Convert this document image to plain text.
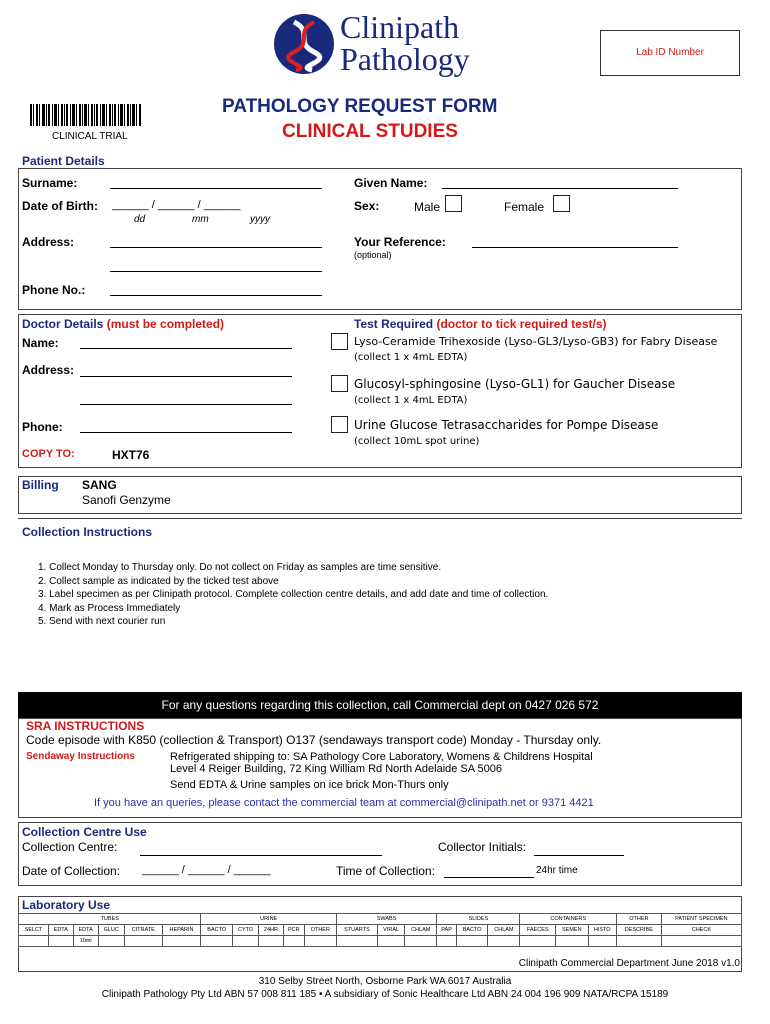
Clinipath
Pathology	Lab ID Number
CLINICAL TRIAL
PATHOLOGY REQUEST FORM
CLINICAL STUDIES
Patient Details
Surname:	Given Name:
Date of Birth: ______ / ______ / ______
dd	mm	yyyy
Sex:	Male	Female
Address:	Your Reference:
(optional)
Phone No.:
Doctor Details (must be completed)
Name:
Address:
Phone:
COPY TO:	HXT76
Test Required (doctor to tick required test/s)
Lyso-Ceramide Trihexoside (Lyso-GL3/Lyso-GB3) for Fabry Disease
(collect 1 x 4mL EDTA)
Glucosyl-sphingosine (Lyso-GL1) for Gaucher Disease
(collect 1 x 4mL EDTA)
Urine Glucose Tetrasaccharides for Pompe Disease
(collect 10mL spot urine)
Billing SANG
Sanofi Genzyme
Collection Instructions
1. Collect Monday to Thursday only. Do not collect on Friday as samples are time sensitive.
2. Collect sample as indicated by the ticked test above
3. Label specimen as per Clinipath protocol. Complete collection centre details, and add date and time of collection.
4. Mark as Process Immediately
5. Send with next courier run
For any questions regarding this collection, call Commercial dept on 0427 026 572
SRA INSTRUCTIONS
Code episode with K850 (collection & Transport) O137 (sendaways transport code) Monday - Thursday only.
Sendaway Instructions	Refrigerated shipping to: SA Pathology Core Laboratory, Womens & Childrens Hospital
Level 4 Reiger Building, 72 King William Rd North Adelaide SA 5006
Send EDTA & Urine samples on ice brick Mon-Thurs only
If you have an queries, please contact the commercial team at commercial@clinipath.net or 9371 4421
Collection Centre Use
Collection Centre:	Collector Initials:
Date of Collection: ______ / ______ / ______	Time of Collection:	24hr time
Laboratory Use
TUBES						URINE					SWABS			SLIDES			CONTAINERS			OTHER	PATIENT SPECIMEN
SELCT	EDTA	EDTA	GLUC	CITRATE	HEPARIN	BACTO	CYTO	24HR	PCR	OTHER	STUARTS	VIRAL	CHLAM	PAP	BACTO	CHLAM	FAECES	SEMEN	HISTO	DESCRIBE	CHECK
		10ml																			
Clinipath Commercial Department June 2018 v1.0
310 Selby Street North, Osborne Park WA 6017 Australia
Clinipath Pathology Pty Ltd ABN 57 008 811 185 • A subsidiary of Sonic Healthcare Ltd ABN 24 004 196 909 NATA/RCPA 15189
